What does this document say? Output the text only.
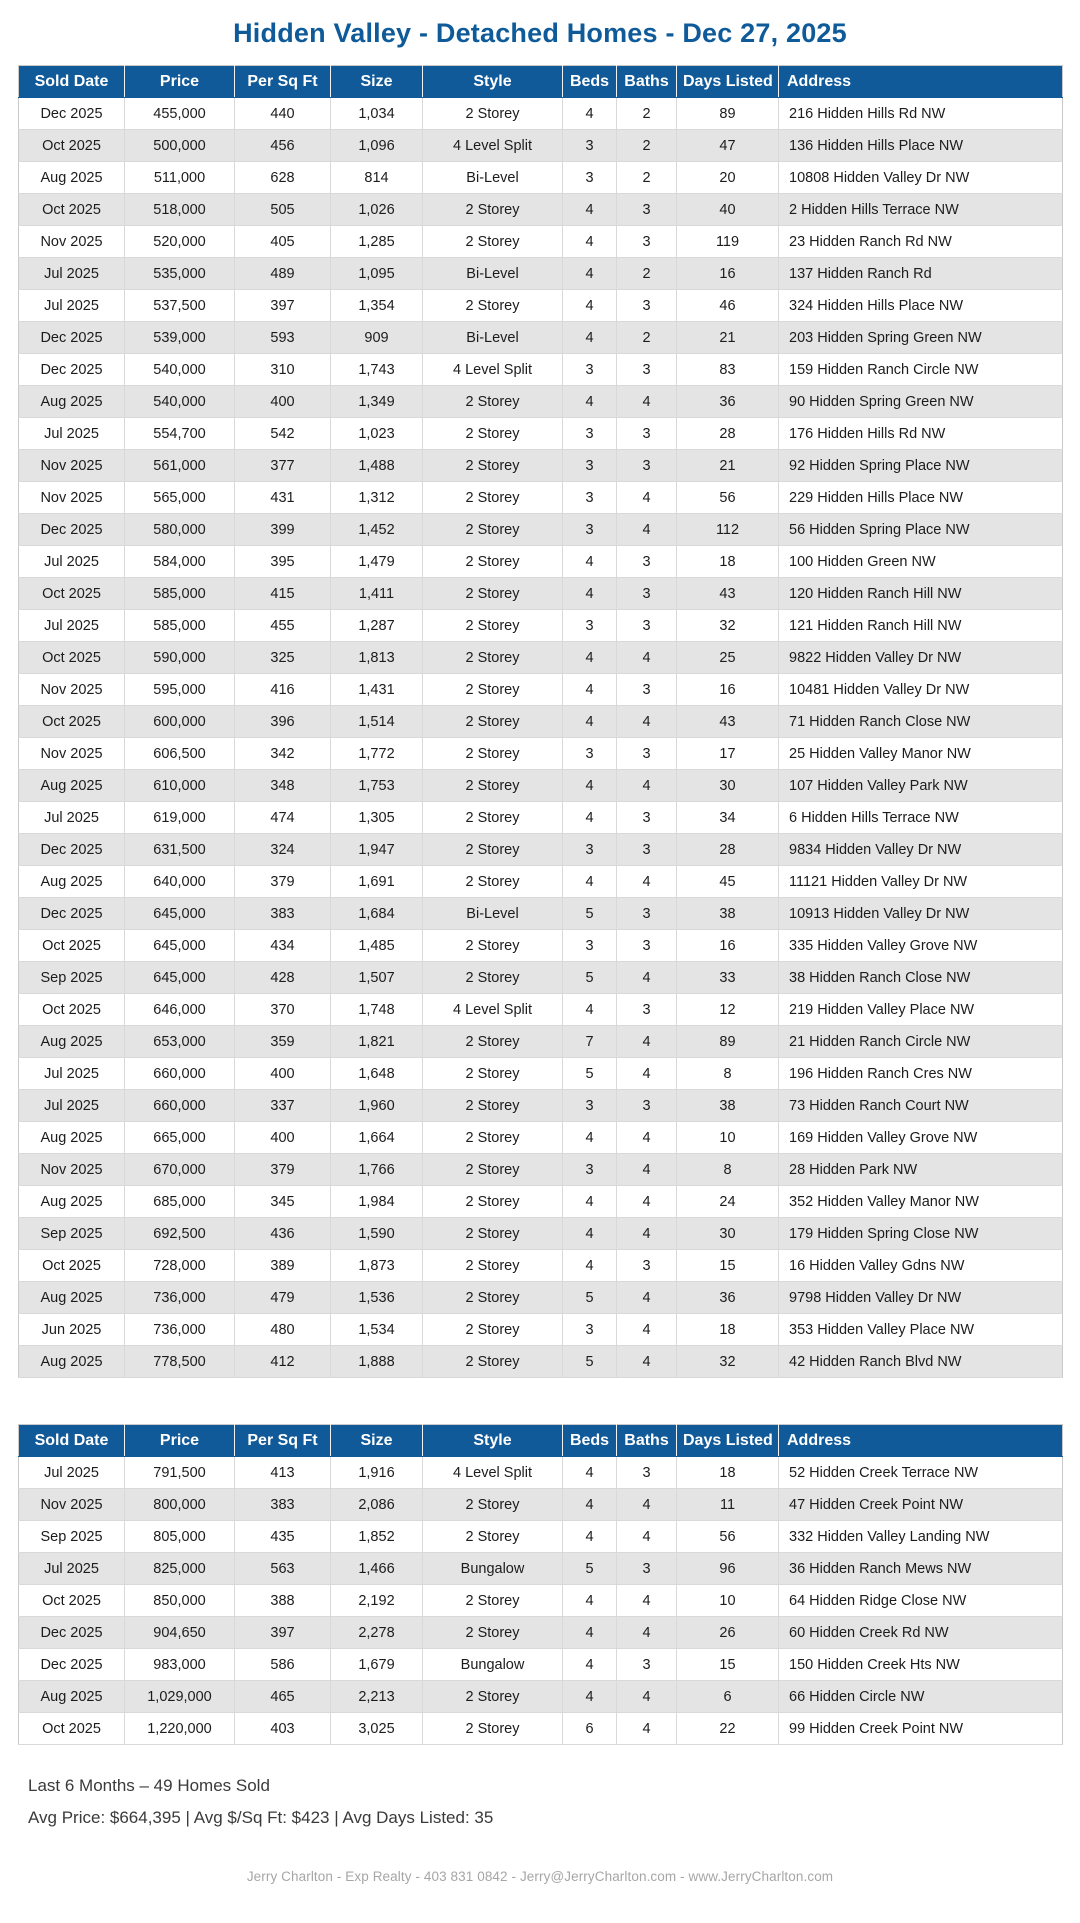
Hidden Valley - Detached Homes - Dec 27, 2025
Sold Date	Price	Per Sq Ft	Size	Style	Beds	Baths	Days Listed	Address
Dec 2025	455,000	440	1,034	2 Storey	4	2	89	216 Hidden Hills Rd NW
Oct 2025	500,000	456	1,096	4 Level Split	3	2	47	136 Hidden Hills Place NW
Aug 2025	511,000	628	814	Bi-Level	3	2	20	10808 Hidden Valley Dr NW
Oct 2025	518,000	505	1,026	2 Storey	4	3	40	2 Hidden Hills Terrace NW
Nov 2025	520,000	405	1,285	2 Storey	4	3	119	23 Hidden Ranch Rd NW
Jul 2025	535,000	489	1,095	Bi-Level	4	2	16	137 Hidden Ranch Rd
Jul 2025	537,500	397	1,354	2 Storey	4	3	46	324 Hidden Hills Place NW
Dec 2025	539,000	593	909	Bi-Level	4	2	21	203 Hidden Spring Green NW
Dec 2025	540,000	310	1,743	4 Level Split	3	3	83	159 Hidden Ranch Circle NW
Aug 2025	540,000	400	1,349	2 Storey	4	4	36	90 Hidden Spring Green NW
Jul 2025	554,700	542	1,023	2 Storey	3	3	28	176 Hidden Hills Rd NW
Nov 2025	561,000	377	1,488	2 Storey	3	3	21	92 Hidden Spring Place NW
Nov 2025	565,000	431	1,312	2 Storey	3	4	56	229 Hidden Hills Place NW
Dec 2025	580,000	399	1,452	2 Storey	3	4	112	56 Hidden Spring Place NW
Jul 2025	584,000	395	1,479	2 Storey	4	3	18	100 Hidden Green NW
Oct 2025	585,000	415	1,411	2 Storey	4	3	43	120 Hidden Ranch Hill NW
Jul 2025	585,000	455	1,287	2 Storey	3	3	32	121 Hidden Ranch Hill NW
Oct 2025	590,000	325	1,813	2 Storey	4	4	25	9822 Hidden Valley Dr NW
Nov 2025	595,000	416	1,431	2 Storey	4	3	16	10481 Hidden Valley Dr NW
Oct 2025	600,000	396	1,514	2 Storey	4	4	43	71 Hidden Ranch Close NW
Nov 2025	606,500	342	1,772	2 Storey	3	3	17	25 Hidden Valley Manor NW
Aug 2025	610,000	348	1,753	2 Storey	4	4	30	107 Hidden Valley Park NW
Jul 2025	619,000	474	1,305	2 Storey	4	3	34	6 Hidden Hills Terrace NW
Dec 2025	631,500	324	1,947	2 Storey	3	3	28	9834 Hidden Valley Dr NW
Aug 2025	640,000	379	1,691	2 Storey	4	4	45	11121 Hidden Valley Dr NW
Dec 2025	645,000	383	1,684	Bi-Level	5	3	38	10913 Hidden Valley Dr NW
Oct 2025	645,000	434	1,485	2 Storey	3	3	16	335 Hidden Valley Grove NW
Sep 2025	645,000	428	1,507	2 Storey	5	4	33	38 Hidden Ranch Close NW
Oct 2025	646,000	370	1,748	4 Level Split	4	3	12	219 Hidden Valley Place NW
Aug 2025	653,000	359	1,821	2 Storey	7	4	89	21 Hidden Ranch Circle NW
Jul 2025	660,000	400	1,648	2 Storey	5	4	8	196 Hidden Ranch Cres NW
Jul 2025	660,000	337	1,960	2 Storey	3	3	38	73 Hidden Ranch Court NW
Aug 2025	665,000	400	1,664	2 Storey	4	4	10	169 Hidden Valley Grove NW
Nov 2025	670,000	379	1,766	2 Storey	3	4	8	28 Hidden Park NW
Aug 2025	685,000	345	1,984	2 Storey	4	4	24	352 Hidden Valley Manor NW
Sep 2025	692,500	436	1,590	2 Storey	4	4	30	179 Hidden Spring Close NW
Oct 2025	728,000	389	1,873	2 Storey	4	3	15	16 Hidden Valley Gdns NW
Aug 2025	736,000	479	1,536	2 Storey	5	4	36	9798 Hidden Valley Dr NW
Jun 2025	736,000	480	1,534	2 Storey	3	4	18	353 Hidden Valley Place NW
Aug 2025	778,500	412	1,888	2 Storey	5	4	32	42 Hidden Ranch Blvd NW
Sold Date	Price	Per Sq Ft	Size	Style	Beds	Baths	Days Listed	Address
Jul 2025	791,500	413	1,916	4 Level Split	4	3	18	52 Hidden Creek Terrace NW
Nov 2025	800,000	383	2,086	2 Storey	4	4	11	47 Hidden Creek Point NW
Sep 2025	805,000	435	1,852	2 Storey	4	4	56	332 Hidden Valley Landing NW
Jul 2025	825,000	563	1,466	Bungalow	5	3	96	36 Hidden Ranch Mews NW
Oct 2025	850,000	388	2,192	2 Storey	4	4	10	64 Hidden Ridge Close NW
Dec 2025	904,650	397	2,278	2 Storey	4	4	26	60 Hidden Creek Rd NW
Dec 2025	983,000	586	1,679	Bungalow	4	3	15	150 Hidden Creek Hts NW
Aug 2025	1,029,000	465	2,213	2 Storey	4	4	6	66 Hidden Circle NW
Oct 2025	1,220,000	403	3,025	2 Storey	6	4	22	99 Hidden Creek Point NW
Last 6 Months – 49 Homes Sold
Avg Price: $664,395 | Avg $/Sq Ft: $423 | Avg Days Listed: 35
Jerry Charlton - Exp Realty - 403 831 0842 - Jerry@JerryCharlton.com - www.JerryCharlton.com
